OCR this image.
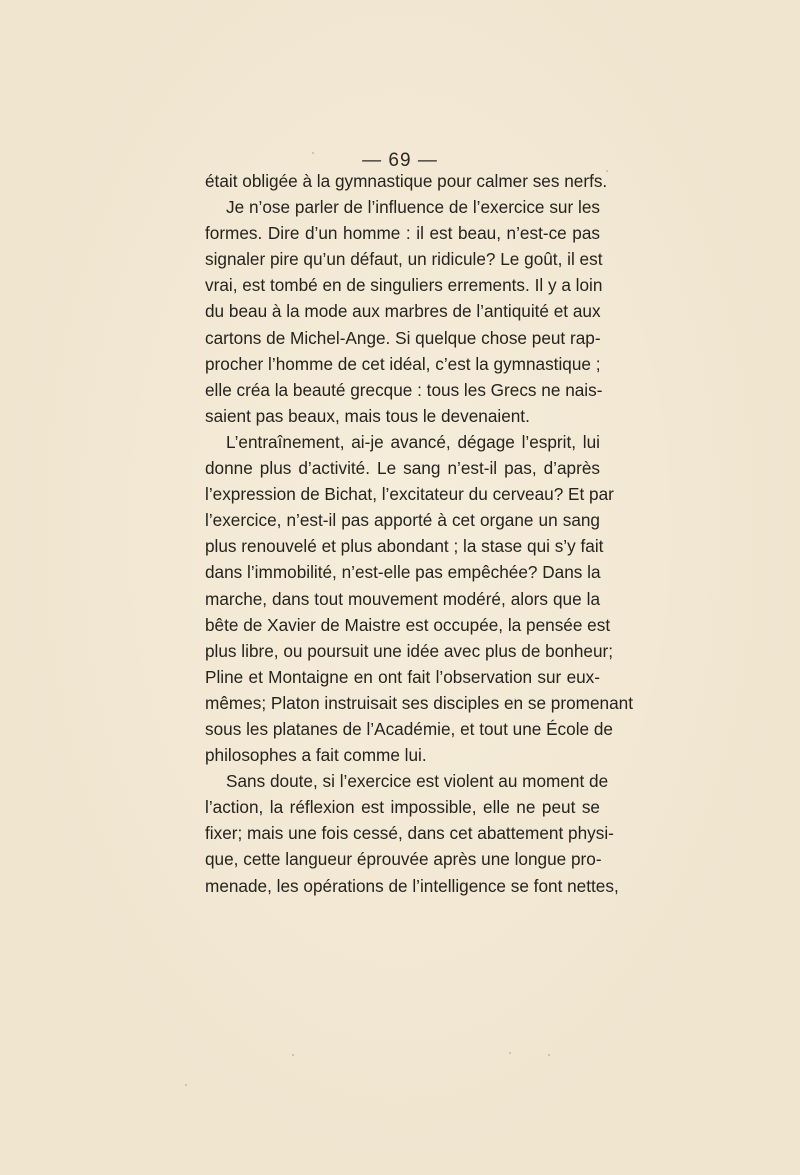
— 69 —
était obligée à la gymnastique pour calmer ses nerfs.
Je n’ose parler de l’influence de l’exercice sur les
formes. Dire d’un homme : il est beau, n’est-ce pas
signaler pire qu’un défaut, un ridicule? Le goût, il est
vrai, est tombé en de singuliers errements. Il y a loin
du beau à la mode aux marbres de l’antiquité et aux
cartons de Michel-Ange. Si quelque chose peut rap-
procher l’homme de cet idéal, c’est la gymnastique ;
elle créa la beauté grecque : tous les Grecs ne nais-
saient pas beaux, mais tous le devenaient.
L’entraînement, ai-je avancé, dégage l’esprit, lui
donne plus d’activité. Le sang n’est-il pas, d’après
l’expression de Bichat, l’excitateur du cerveau? Et par
l’exercice, n’est-il pas apporté à cet organe un sang
plus renouvelé et plus abondant ; la stase qui s’y fait
dans l’immobilité, n’est-elle pas empêchée? Dans la
marche, dans tout mouvement modéré, alors que la
bête de Xavier de Maistre est occupée, la pensée est
plus libre, ou poursuit une idée avec plus de bonheur;
Pline et Montaigne en ont fait l’observation sur eux-
mêmes; Platon instruisait ses disciples en se promenant
sous les platanes de l’Académie, et tout une École de
philosophes a fait comme lui.
Sans doute, si l’exercice est violent au moment de
l’action, la réflexion est impossible, elle ne peut se
fixer; mais une fois cessé, dans cet abattement physi-
que, cette langueur éprouvée après une longue pro-
menade, les opérations de l’intelligence se font nettes,
